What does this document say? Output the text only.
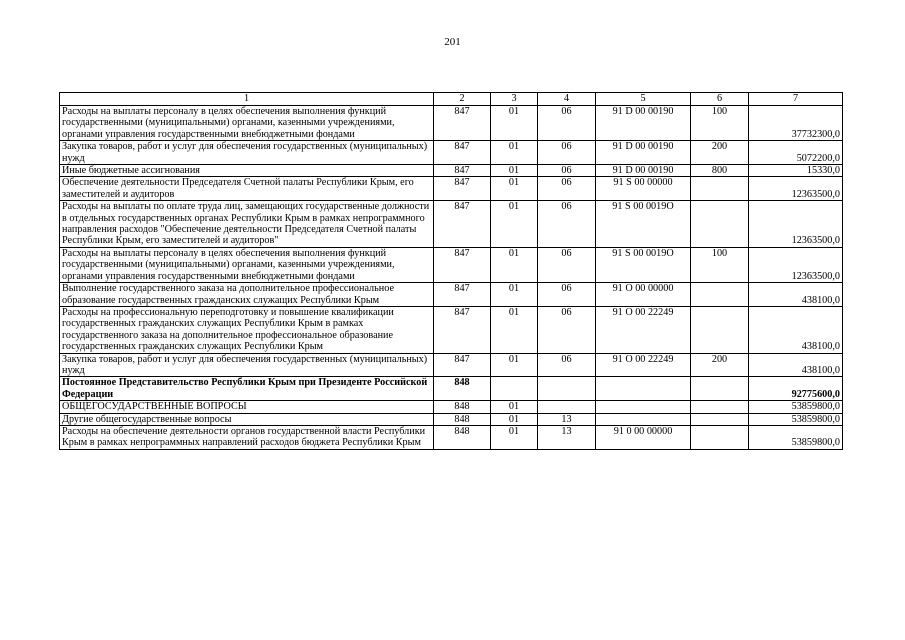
201
1	2	3	4	5	6	7
Расходы на выплаты персоналу в целях обеспечения выполнения функций государственными (муниципальными) органами, казенными учреждениями, органами управления государственными внебюджетными фондами	847	01	06	91 D 00 00190	100	37732300,0
Закупка товаров, работ и услуг для обеспечения государственных (муниципальных) нужд	847	01	06	91 D 00 00190	200	5072200,0
Иные бюджетные ассигнования	847	01	06	91 D 00 00190	800	15330,0
Обеспечение деятельности Председателя Счетной палаты Республики Крым, его заместителей и аудиторов	847	01	06	91 S 00 00000		12363500,0
Расходы на выплаты по оплате труда лиц, замещающих государственные должности в отдельных государственных органах Республики Крым в рамках непрограммного направления расходов "Обеспечение деятельности Председателя Счетной палаты Республики Крым, его заместителей и аудиторов"	847	01	06	91 S 00 0019O		12363500,0
Расходы на выплаты персоналу в целях обеспечения выполнения функций государственными (муниципальными) органами, казенными учреждениями, органами управления государственными внебюджетными фондами	847	01	06	91 S 00 0019O	100	12363500,0
Выполнение государственного заказа на дополнительное профессиональное образование государственных гражданских служащих Республики Крым	847	01	06	91 O 00 00000		438100,0
Расходы на профессиональную переподготовку и повышение квалификации государственных гражданских служащих Республики Крым в рамках государственного заказа на дополнительное профессиональное образование государственных гражданских служащих Республики Крым	847	01	06	91 O 00 22249		438100,0
Закупка товаров, работ и услуг для обеспечения государственных (муниципальных) нужд	847	01	06	91 O 00 22249	200	438100,0
Постоянное Представительство Республики Крым при Президенте Российской Федерации	848					92775600,0
ОБЩЕГОСУДАРСТВЕННЫЕ ВОПРОСЫ	848	01				53859800,0
Другие общегосударственные вопросы	848	01	13			53859800,0
Расходы на обеспечение деятельности органов государственной власти Республики Крым в рамках непрограммных направлений расходов бюджета Республики Крым	848	01	13	91 0 00 00000		53859800,0
